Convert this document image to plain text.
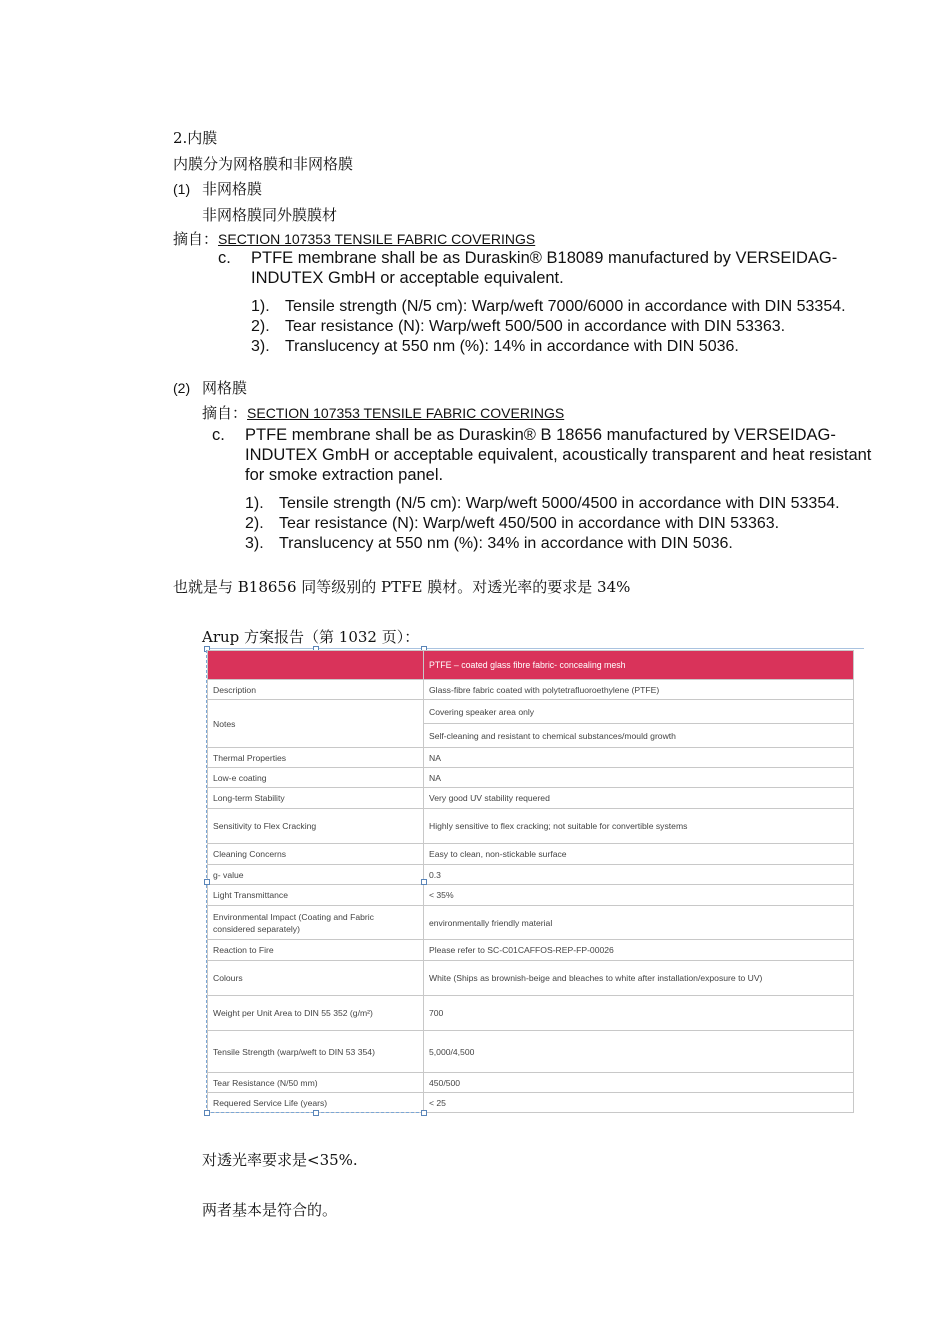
2.内膜
内膜分为网格膜和非网格膜
(1) 非网格膜
非网格膜同外膜膜材
摘自：SECTION 107353 TENSILE FABRIC COVERINGS
c. PTFE membrane shall be as Duraskin® B18089 manufactured by VERSEIDAG-
INDUTEX GmbH or acceptable equivalent.
1). Tensile strength (N/5 cm): Warp/weft 7000/6000 in accordance with DIN 53354.
2). Tear resistance (N): Warp/weft 500/500 in accordance with DIN 53363.
3). Translucency at 550 nm (%): 14% in accordance with DIN 5036.
(2) 网格膜
摘自：SECTION 107353 TENSILE FABRIC COVERINGS
c. PTFE membrane shall be as Duraskin® B 18656 manufactured by VERSEIDAG-
INDUTEX GmbH or acceptable equivalent, acoustically transparent and heat resistant
for smoke extraction panel.
1). Tensile strength (N/5 cm): Warp/weft 5000/4500 in accordance with DIN 53354.
2). Tear resistance (N): Warp/weft 450/500 in accordance with DIN 53363.
3). Translucency at 550 nm (%): 34% in accordance with DIN 5036.
也就是与 B18656 同等级别的 PTFE 膜材。对透光率的要求是 34%
Arup 方案报告（第 1032 页）：
	PTFE – coated glass fibre fabric- concealing mesh
Description	Glass-fibre fabric coated with polytetrafluoroethylene (PTFE)
Notes	Covering speaker area only
	Self-cleaning and resistant to chemical substances/mould growth
Thermal Properties	NA
Low-e coating	NA
Long-term Stability	Very good UV stability requered
Sensitivity to Flex Cracking	Highly sensitive to flex cracking; not suitable for convertible systems
Cleaning Concerns	Easy to clean, non-stickable surface
g- value	0.3
Light Transmittance	< 35%
Environmental Impact (Coating and Fabric considered separately)	environmentally friendly material
Reaction to Fire	Please refer to SC-C01CAFFOS-REP-FP-00026
Colours	White (Ships as brownish-beige and bleaches to white after installation/exposure to UV)
Weight per Unit Area to DIN 55 352 (g/m²)	700
Tensile Strength (warp/weft to DIN 53 354)	5,000/4,500
Tear Resistance (N/50 mm)	450/500
Requered Service Life (years)	< 25
对透光率要求是<35%.
两者基本是符合的。
